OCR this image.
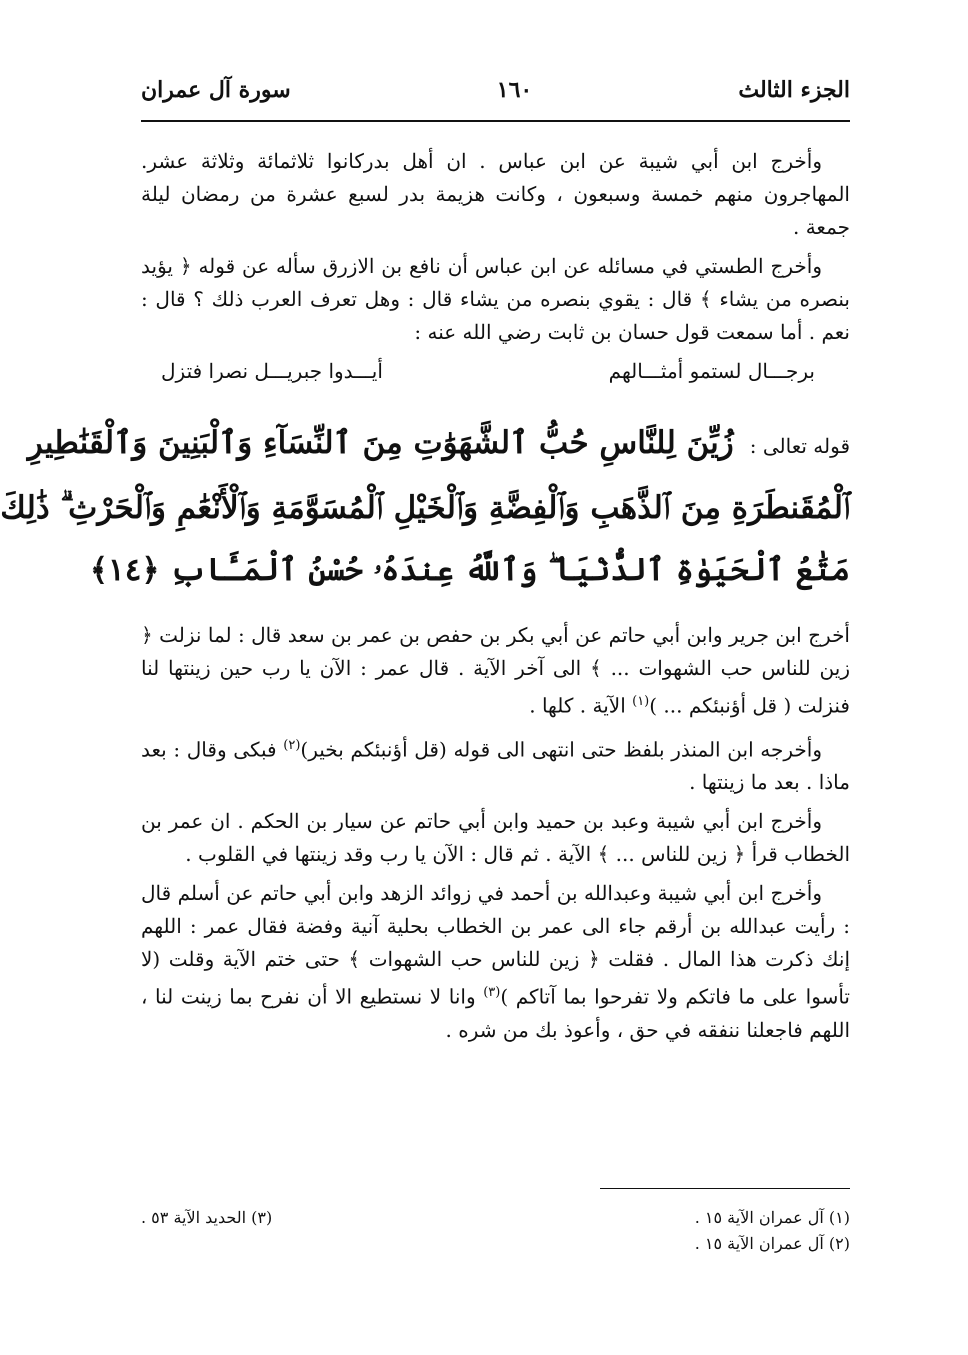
الجزء الثالث
١٦٠
سورة آل عمران

وأخرج ابن أبي شيبة عن ابن عباس . ان أهل بدركانوا ثلاثمائة وثلاثة عشر. المهاجرون منهم خمسة وسبعون ، وكانت هزيمة بدر لسبع عشرة من رمضان ليلة جمعة .

وأخرج الطستي في مسائله عن ابن عباس أن نافع بن الازرق سأله عن قوله ﴿ يؤيد بنصره من يشاء ﴾ قال : يقوي بنصره من يشاء قال : وهل تعرف العرب ذلك ؟ قال : نعم . أما سمعت قول حسان بن ثابت رضي الله عنه :

برجـــال لستمو أمثـــالهم
أيـــدوا جبريـــل نصرا فتزل
قوله تعالى :زُيِّنَ لِلنَّاسِ حُبُّ ٱلشَّهَوَٰتِ مِنَ ٱلنِّسَآءِ وَٱلْبَنِينَ وَٱلْقَنَٰطِيرِ
ٱلْمُقَنطَرَةِ مِنَ ٱلذَّهَبِ وَٱلْفِضَّةِ وَٱلْخَيْلِ ٱلْمُسَوَّمَةِ وَٱلْأَنْعَٰمِ وَٱلْحَرْثِ ۗ ذَٰلِكَ
مَتَٰعُ ٱلْحَيَوٰةِ ٱلدُّنْيَا ۖ وَٱللَّهُ عِندَهُۥ حُسْنُ ٱلْمَـَٔابِ ﴿١٤﴾

أخرج ابن جرير وابن أبي حاتم عن أبي بكر بن حفص بن عمر بن سعد قال : لما نزلت ﴿ زين للناس حب الشهوات ... ﴾ الى آخر الآية . قال عمر : الآن يا رب حين زينتها لنا فنزلت ( قل أؤنبئكم ... )$^{(١)}$ الآية . كلها .

وأخرجه ابن المنذر بلفظ حتى انتهى الى قوله (قل أؤنبئكم بخير)$^{(٢)}$ فبكى وقال : بعد ماذا . بعد ما زينتها .

وأخرج ابن أبي شيبة وعبد بن حميد وابن أبي حاتم عن سيار بن الحكم . ان عمر بن الخطاب قرأ ﴿ زين للناس ... ﴾ الآية . ثم قال : الآن يا رب وقد زينتها في القلوب .

وأخرج ابن أبي شيبة وعبدالله بن أحمد في زوائد الزهد وابن أبي حاتم عن أسلم قال : رأيت عبدالله بن أرقم جاء الى عمر بن الخطاب بحلية آنية وفضة فقال عمر : اللهم إنك ذكرت هذا المال . فقلت ﴿ زين للناس حب الشهوات ﴾ حتى ختم الآية وقلت (لا تأسوا على ما فاتكم ولا تفرحوا بما آتاكم )$^{(٣)}$ وانا لا نستطيع الا أن نفرح بما زينت لنا ، اللهم فاجعلنا ننفقه في حق ، وأعوذ بك من شره .

(١) آل عمران الآية ١٥ .
(٣) الحديد الآية ٥٣ .
(٢) آل عمران الآية ١٥ .
